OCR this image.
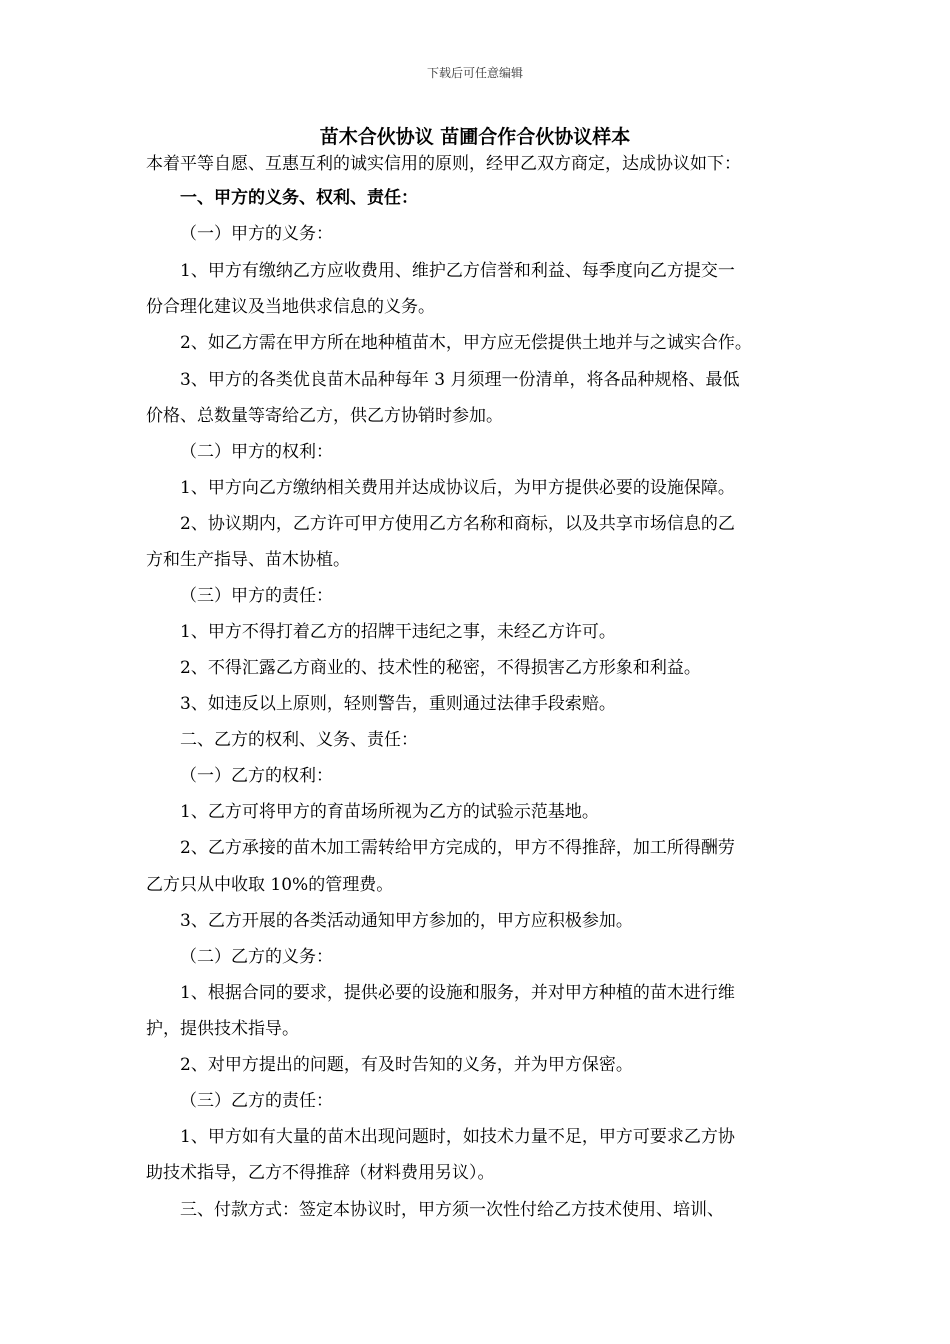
下载后可任意编辑
苗木合伙协议 苗圃合作合伙协议样本
本着平等自愿、互惠互利的诚实信用的原则，经甲乙双方商定，达成协议如下：
一、甲方的义务、权利、责任：
（一）甲方的义务：
1、甲方有缴纳乙方应收费用、维护乙方信誉和利益、每季度向乙方提交一
份合理化建议及当地供求信息的义务。
2、如乙方需在甲方所在地种植苗木，甲方应无偿提供土地并与之诚实合作。
3、甲方的各类优良苗木品种每年 3 月须理一份清单，将各品种规格、最低
价格、总数量等寄给乙方，供乙方协销时参加。
（二）甲方的权利：
1、甲方向乙方缴纳相关费用并达成协议后，为甲方提供必要的设施保障。
2、协议期内，乙方许可甲方使用乙方名称和商标，以及共享市场信息的乙
方和生产指导、苗木协植。
（三）甲方的责任：
1、甲方不得打着乙方的招牌干违纪之事，未经乙方许可。
2、不得汇露乙方商业的、技术性的秘密，不得损害乙方形象和利益。
3、如违反以上原则，轻则警告，重则通过法律手段索赔。
二、乙方的权利、义务、责任：
（一）乙方的权利：
1、乙方可将甲方的育苗场所视为乙方的试验示范基地。
2、乙方承接的苗木加工需转给甲方完成的，甲方不得推辞，加工所得酬劳
乙方只从中收取 10%的管理费。
3、乙方开展的各类活动通知甲方参加的，甲方应积极参加。
（二）乙方的义务：
1、根据合同的要求，提供必要的设施和服务，并对甲方种植的苗木进行维
护，提供技术指导。
2、对甲方提出的问题，有及时告知的义务，并为甲方保密。
（三）乙方的责任：
1、甲方如有大量的苗木出现问题时，如技术力量不足，甲方可要求乙方协
助技术指导，乙方不得推辞（材料费用另议）。
三、付款方式：签定本协议时，甲方须一次性付给乙方技术使用、培训、
